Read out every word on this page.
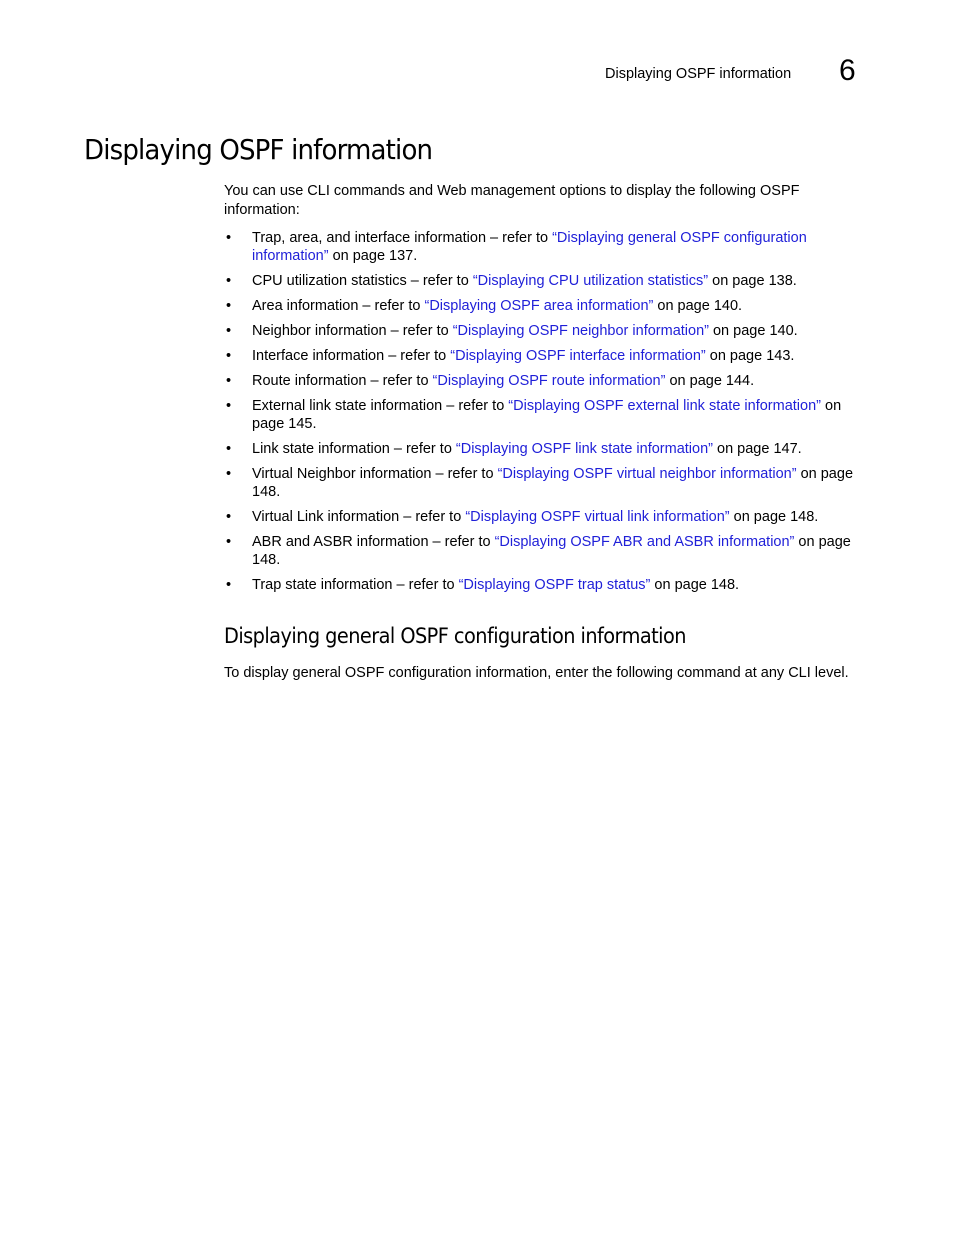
Displaying OSPF information 6
Displaying OSPF information

You can use CLI commands and Web management options to display the following OSPF information:

• Trap, area, and interface information – refer to “Displaying general OSPF configuration information” on page 137.
• CPU utilization statistics – refer to “Displaying CPU utilization statistics” on page 138.
• Area information – refer to “Displaying OSPF area information” on page 140.
• Neighbor information – refer to “Displaying OSPF neighbor information” on page 140.
• Interface information – refer to “Displaying OSPF interface information” on page 143.
• Route information – refer to “Displaying OSPF route information” on page 144.
• External link state information – refer to “Displaying OSPF external link state information” on page 145.
• Link state information – refer to “Displaying OSPF link state information” on page 147.
• Virtual Neighbor information – refer to “Displaying OSPF virtual neighbor information” on page 148.
• Virtual Link information – refer to “Displaying OSPF virtual link information” on page 148.
• ABR and ASBR information – refer to “Displaying OSPF ABR and ASBR information” on page 148.
• Trap state information – refer to “Displaying OSPF trap status” on page 148.
Displaying general OSPF configuration information

To display general OSPF configuration information, enter the following command at any CLI level.
